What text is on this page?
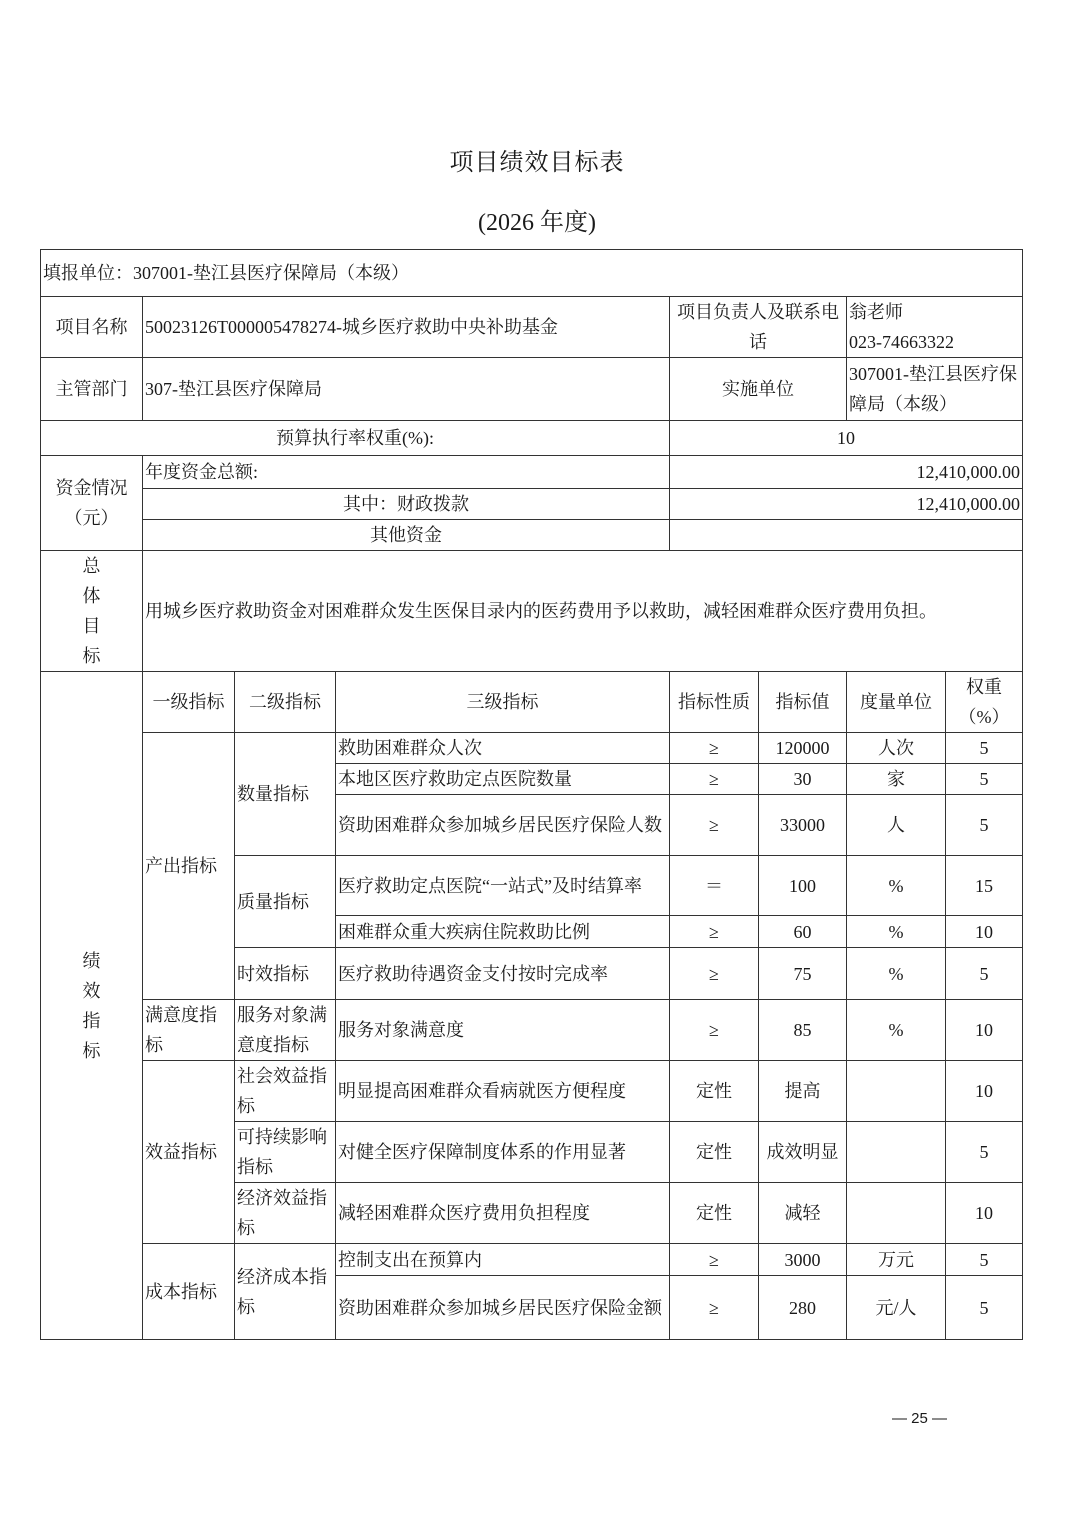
项目绩效目标表
(2026 年度)
填报单位：307001-垫江县医疗保障局（本级）							
项目名称	50023126T000005478274-城乡医疗救助中央补助基金			项目负责人及联系电话		翁老师
023-74663322	

主管部门	307-垫江县医疗保障局			实施单位		307001-垫江县医疗保障局（本级）	
预算执行率权重(%):				10			

资金情况
（元）	年度资金总额:			12,410,000.00			
	其中：财政拨款			12,410,000.00			
	其他资金						

总
体
目
标	用城乡医疗救助资金对困难群众发生医保目录内的医药费用予以救助，减轻困难群众医疗费用负担。						

绩
效
指
标	一级指标	二级指标	三级指标	指标性质	指标值	度量单位	权重（%）
	产出指标	数量指标	救助困难群众人次	≥	120000	人次	5
			本地区医疗救助定点医院数量	≥	30	家	5
			资助困难群众参加城乡居民医疗保险人数	≥	33000	人	5
		质量指标	医疗救助定点医院“一站式”及时结算率	＝	100	%	15
			困难群众重大疾病住院救助比例	≥	60	%	10
		时效指标	医疗救助待遇资金支付按时完成率	≥	75	%	5
	满意度指标	服务对象满意度指标	服务对象满意度	≥	85	%	10
	效益指标	社会效益指标	明显提高困难群众看病就医方便程度	定性	提高		10
		可持续影响指标	对健全医疗保障制度体系的作用显著	定性	成效明显		5
		经济效益指标	减轻困难群众医疗费用负担程度	定性	减轻		10
	成本指标	经济成本指标	控制支出在预算内	≥	3000	万元	5
			资助困难群众参加城乡居民医疗保险金额	≥	280	元/人	5
— 25 —
